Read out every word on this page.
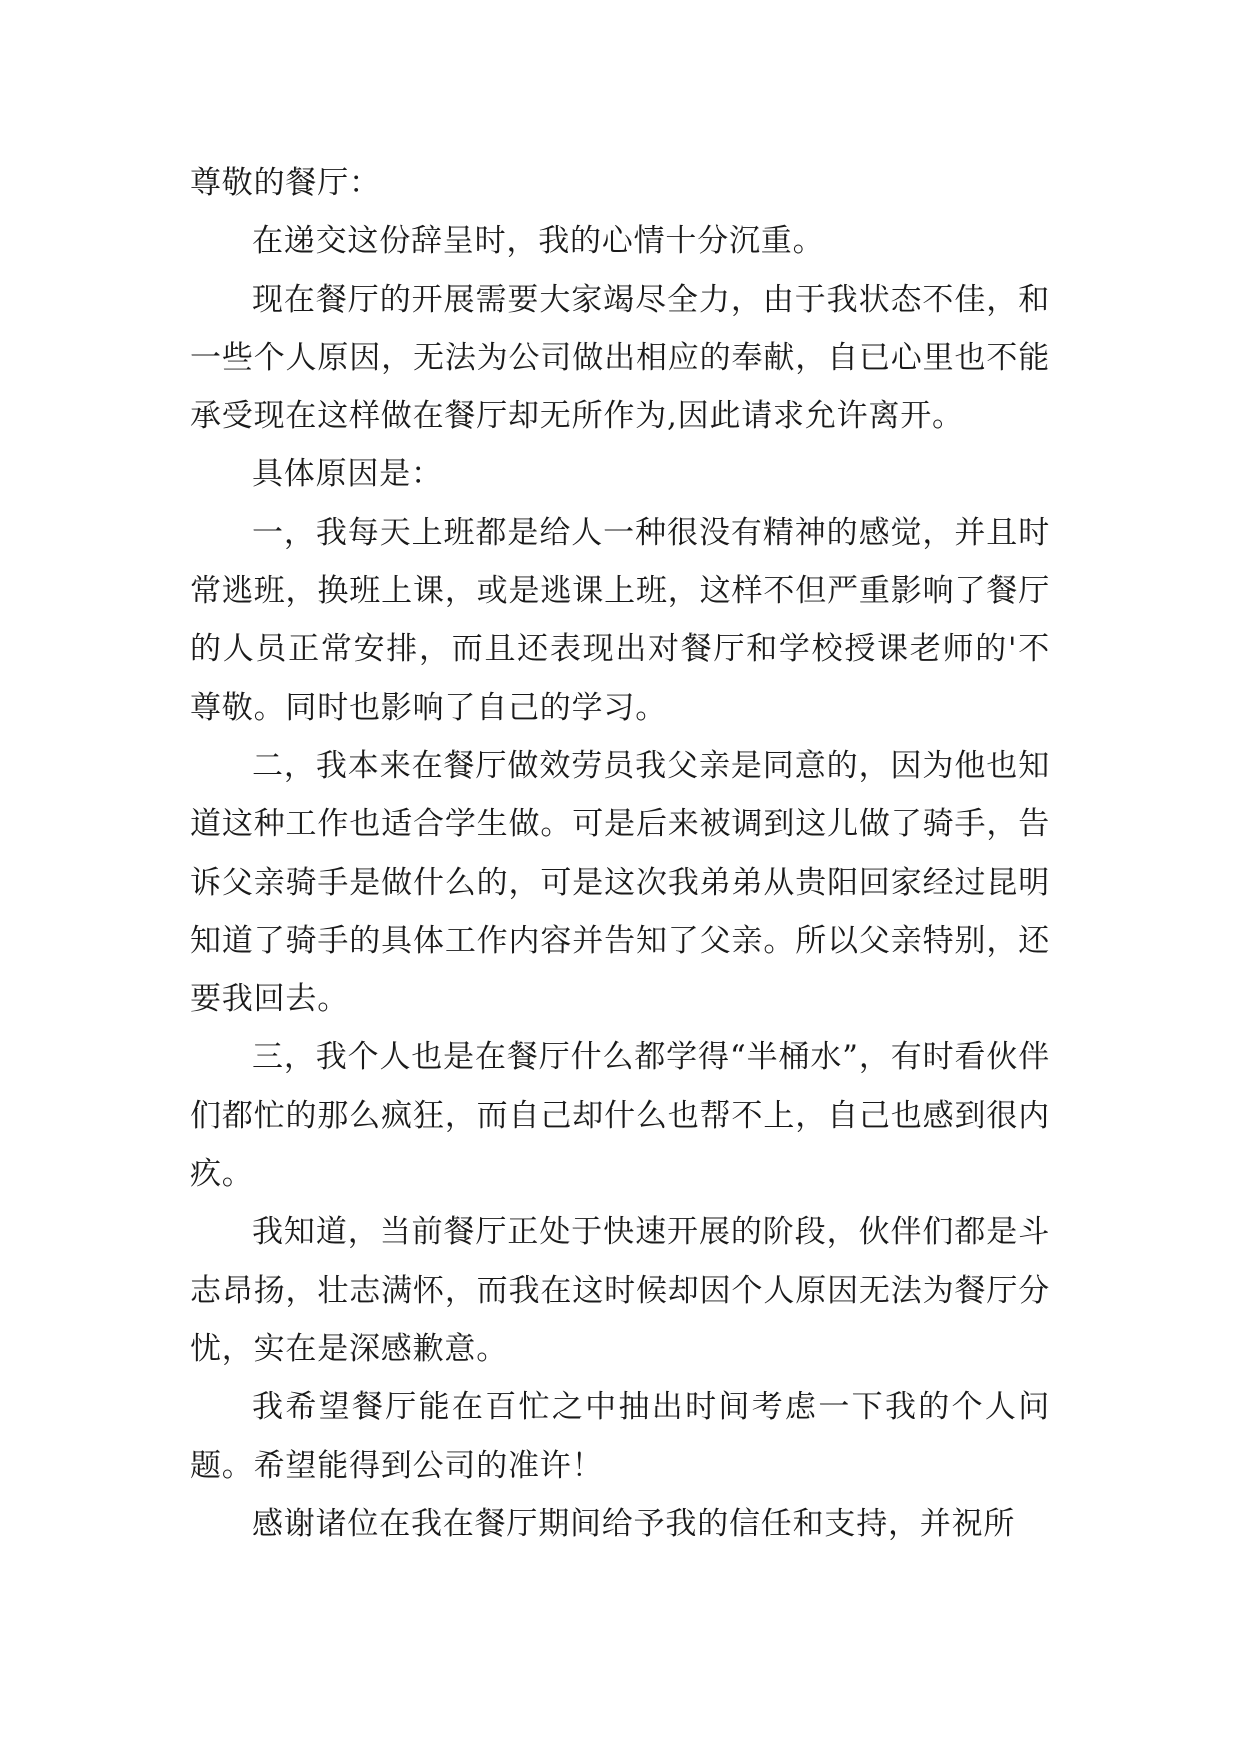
尊敬的餐厅：

在递交这份辞呈时，我的心情十分沉重。

现在餐厅的开展需要大家竭尽全力，由于我状态不佳，和一些个人原因，无法为公司做出相应的奉献，自已心里也不能承受现在这样做在餐厅却无所作为,因此请求允许离开。

具体原因是：

一，我每天上班都是给人一种很没有精神的感觉，并且时常逃班，换班上课，或是逃课上班，这样不但严重影响了餐厅的人员正常安排，而且还表现出对餐厅和学校授课老师的'不尊敬。同时也影响了自己的学习。

二，我本来在餐厅做效劳员我父亲是同意的，因为他也知道这种工作也适合学生做。可是后来被调到这儿做了骑手，告诉父亲骑手是做什么的，可是这次我弟弟从贵阳回家经过昆明知道了骑手的具体工作内容并告知了父亲。所以父亲特别，还要我回去。

三，我个人也是在餐厅什么都学得“半桶水”，有时看伙伴们都忙的那么疯狂，而自己却什么也帮不上，自己也感到很内疚。

我知道，当前餐厅正处于快速开展的阶段，伙伴们都是斗志昂扬，壮志满怀，而我在这时候却因个人原因无法为餐厅分忧，实在是深感歉意。

我希望餐厅能在百忙之中抽出时间考虑一下我的个人问题。希望能得到公司的准许！

感谢诸位在我在餐厅期间给予我的信任和支持，并祝所
